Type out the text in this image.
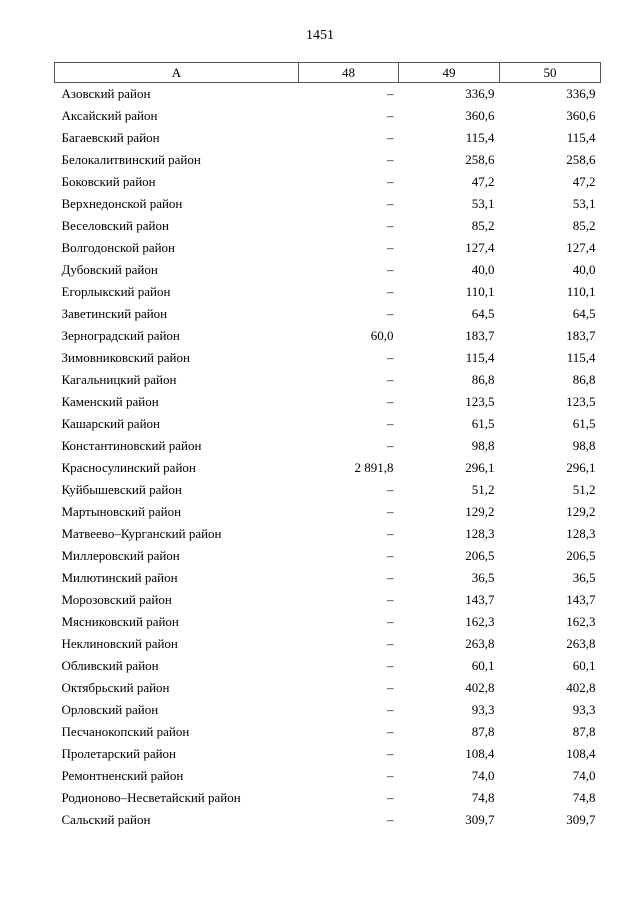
1451
А	48	49	50
Азовский район	–	336,9	336,9
Аксайский район	–	360,6	360,6
Багаевский район	–	115,4	115,4
Белокалитвинский район	–	258,6	258,6
Боковский район	–	47,2	47,2
Верхнедонской район	–	53,1	53,1
Веселовский район	–	85,2	85,2
Волгодонской район	–	127,4	127,4
Дубовский район	–	40,0	40,0
Егорлыкский район	–	110,1	110,1
Заветинский район	–	64,5	64,5
Зерноградский район	60,0	183,7	183,7
Зимовниковский район	–	115,4	115,4
Кагальницкий район	–	86,8	86,8
Каменский район	–	123,5	123,5
Кашарский район	–	61,5	61,5
Константиновский район	–	98,8	98,8
Красносулинский район	2 891,8	296,1	296,1
Куйбышевский район	–	51,2	51,2
Мартыновский район	–	129,2	129,2
Матвеево–Курганский район	–	128,3	128,3
Миллеровский район	–	206,5	206,5
Милютинский район	–	36,5	36,5
Морозовский район	–	143,7	143,7
Мясниковский район	–	162,3	162,3
Неклиновский район	–	263,8	263,8
Обливский район	–	60,1	60,1
Октябрьский район	–	402,8	402,8
Орловский район	–	93,3	93,3
Песчанокопский район	–	87,8	87,8
Пролетарский район	–	108,4	108,4
Ремонтненский район	–	74,0	74,0
Родионово–Несветайский район	–	74,8	74,8
Сальский район	–	309,7	309,7
